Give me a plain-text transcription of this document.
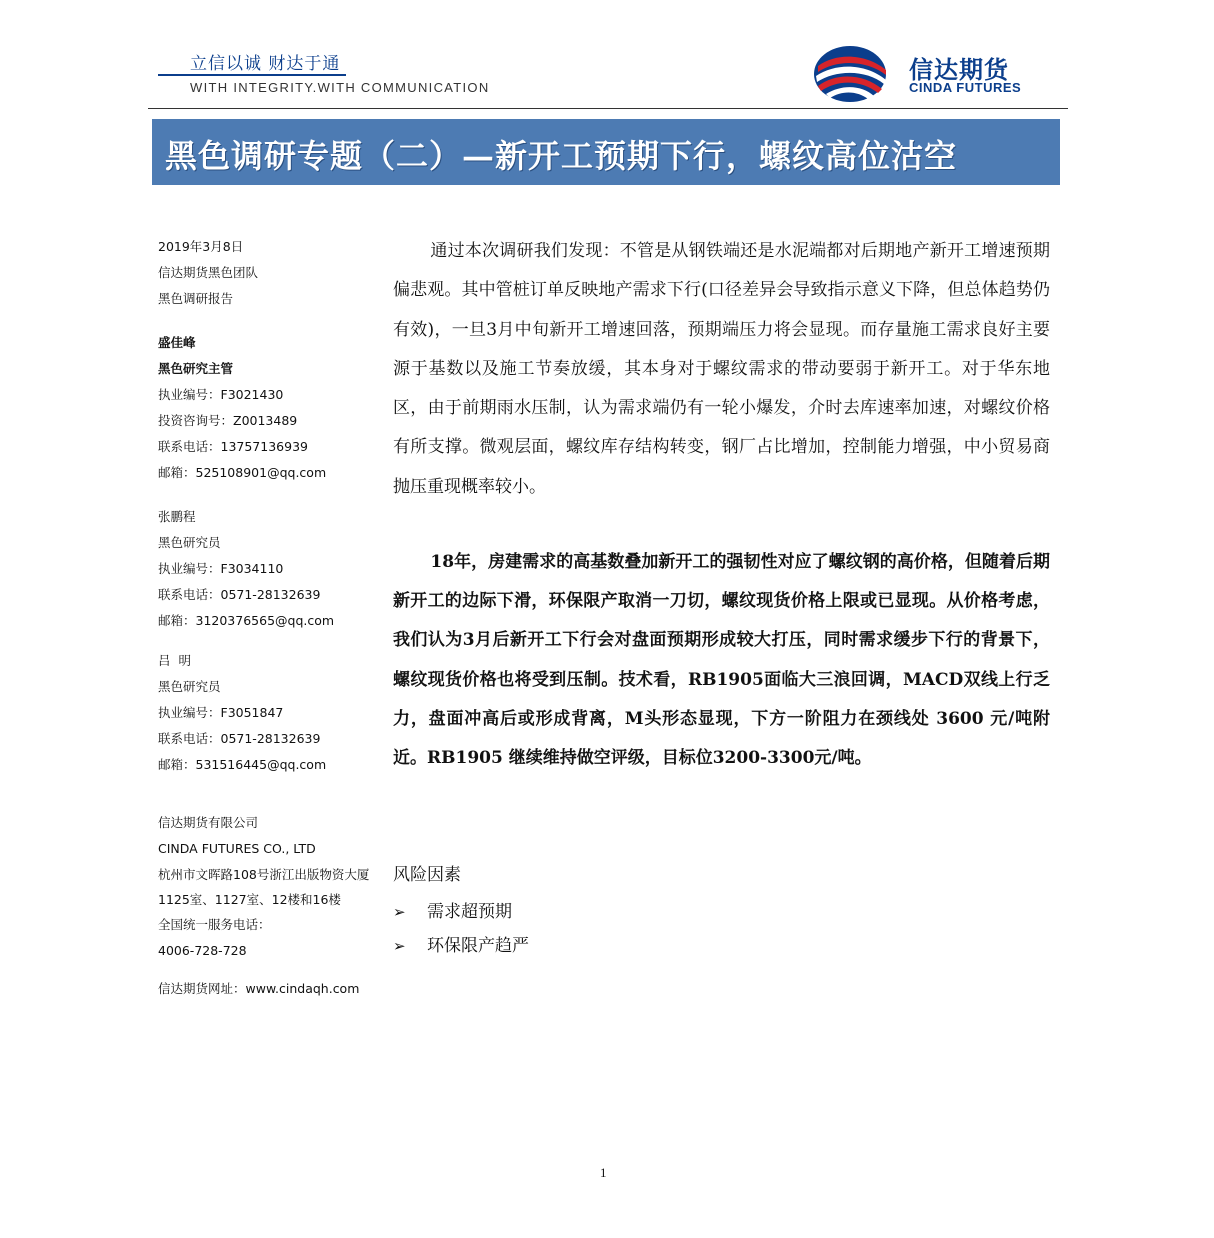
立信以诚 财达于通
WITH INTEGRITY.WITH COMMUNICATION
信达期货
CINDA FUTURES
黑色调研专题（二）—新开工预期下行，螺纹高位沽空
2019年3月8日
信达期货黑色团队
黑色调研报告
盛佳峰
黑色研究主管
执业编号：F3021430
投资咨询号：Z0013489
联系电话：13757136939
邮箱：525108901@qq.com
张鹏程
黑色研究员
执业编号：F3034110
联系电话：0571-28132639
邮箱：3120376565@qq.com
吕  明
黑色研究员
执业编号：F3051847
联系电话：0571-28132639
邮箱：531516445@qq.com
信达期货有限公司
CINDA FUTURES CO., LTD
杭州市文晖路108号浙江出版物资大厦1125室、1127室、12楼和16楼
全国统一服务电话：
4006-728-728
信达期货网址：www.cindaqh.com

通过本次调研我们发现：不管是从钢铁端还是水泥端都对后期地产新开工增速预期偏悲观。其中管桩订单反映地产需求下行(口径差异会导致指示意义下降，但总体趋势仍有效)，一旦3月中旬新开工增速回落，预期端压力将会显现。而存量施工需求良好主要源于基数以及施工节奏放缓，其本身对于螺纹需求的带动要弱于新开工。对于华东地区，由于前期雨水压制，认为需求端仍有一轮小爆发，介时去库速率加速，对螺纹价格有所支撑。微观层面，螺纹库存结构转变，钢厂占比增加，控制能力增强，中小贸易商抛压重现概率较小。

18年，房建需求的高基数叠加新开工的强韧性对应了螺纹钢的高价格，但随着后期新开工的边际下滑，环保限产取消一刀切，螺纹现货价格上限或已显现。从价格考虑，我们认为3月后新开工下行会对盘面预期形成较大打压，同时需求缓步下行的背景下，螺纹现货价格也将受到压制。技术看，RB1905面临大三浪回调，MACD双线上行乏力，盘面冲高后或形成背离，M头形态显现，下方一阶阻力在颈线处 3600 元/吨附近。RB1905 继续维持做空评级，目标位3200-3300元/吨。

风险因素
➢ 需求超预期
➢ 环保限产趋严
1
